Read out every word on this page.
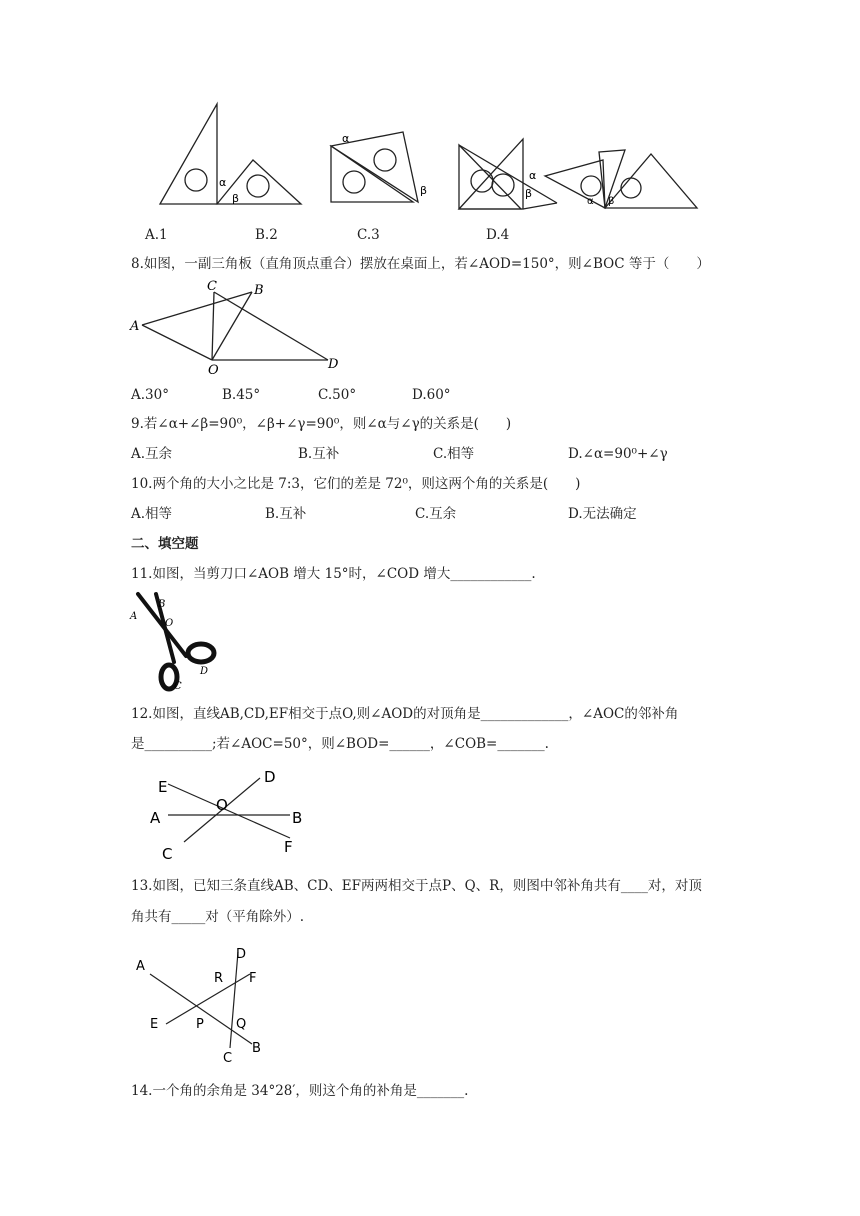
α
β
α
β
α
β
α β
A.1	B.2	C.3	D.4
8.如图，一副三角板（直角顶点重合）摆放在桌面上，若∠AOD=150°，则∠BOC 等于（　　）
A
C	B
O	D
A.30°	B.45°	C.50°	D.60°
9.若∠α+∠β=90⁰，∠β+∠γ=90⁰，则∠α与∠γ的关系是(　　)
A.互余	B.互补	C.相等	D.∠α=90⁰+∠γ
10.两个角的大小之比是 7:3，它们的差是 72⁰，则这两个角的关系是(　　)
A.相等	B.互补	C.互余	D.无法确定
二、填空题
11.如图，当剪刀口∠AOB 增大 15°时，∠COD 增大____________.
A
B
O
D
C
12.如图，直线AB,CD,EF相交于点O,则∠AOD的对顶角是_____________，∠AOC的邻补角
是__________;若∠AOC=50°，则∠BOD=______，∠COB=_______.
E
D
O
A	B
C	F
13.如图，已知三条直线AB、CD、EF两两相交于点P、Q、R，则图中邻补角共有____对，对顶
角共有_____对（平角除外）.
A
D
R F
E	P Q
B
C
14.一个角的余角是 34°28′，则这个角的补角是_______.
